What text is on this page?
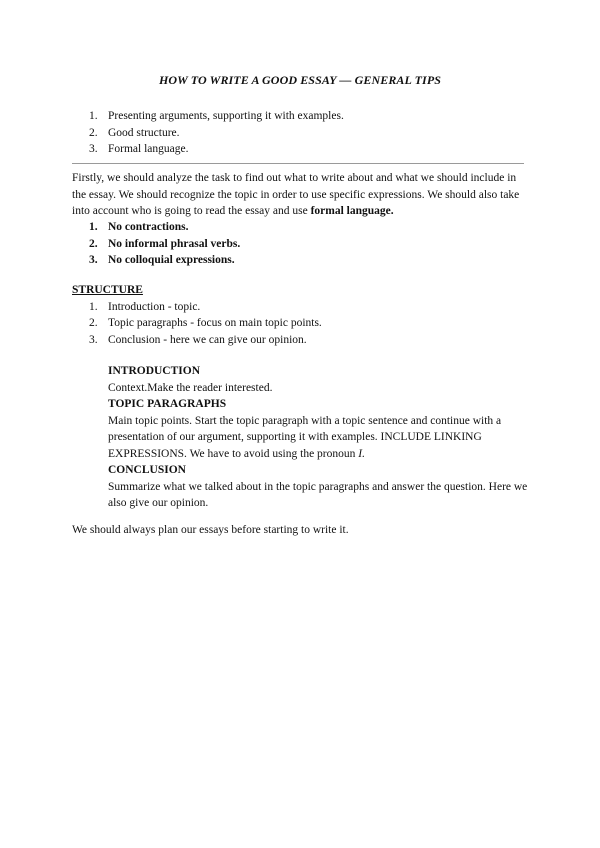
HOW TO WRITE A GOOD ESSAY — GENERAL TIPS
1. Presenting arguments, supporting it with examples.
2. Good structure.
3. Formal language.

Firstly, we should analyze the task to find out what to write about and what we should include in the essay. We should recognize the topic in order to use specific expressions. We should also take into account who is going to read the essay and use formal language.

1. No contractions.
2. No informal phrasal verbs.
3. No colloquial expressions.
STRUCTURE
1. Introduction - topic.
2. Topic paragraphs - focus on main topic points.
3. Conclusion - here we can give our opinion.
INTRODUCTION

Context.Make the reader interested.

TOPIC PARAGRAPHS

Main topic points. Start the topic paragraph with a topic sentence and continue with a presentation of our argument, supporting it with examples. INCLUDE LINKING EXPRESSIONS. We have to avoid using the pronoun I.

CONCLUSION

Summarize what we talked about in the topic paragraphs and answer the question. Here we also give our opinion.

We should always plan our essays before starting to write it.
